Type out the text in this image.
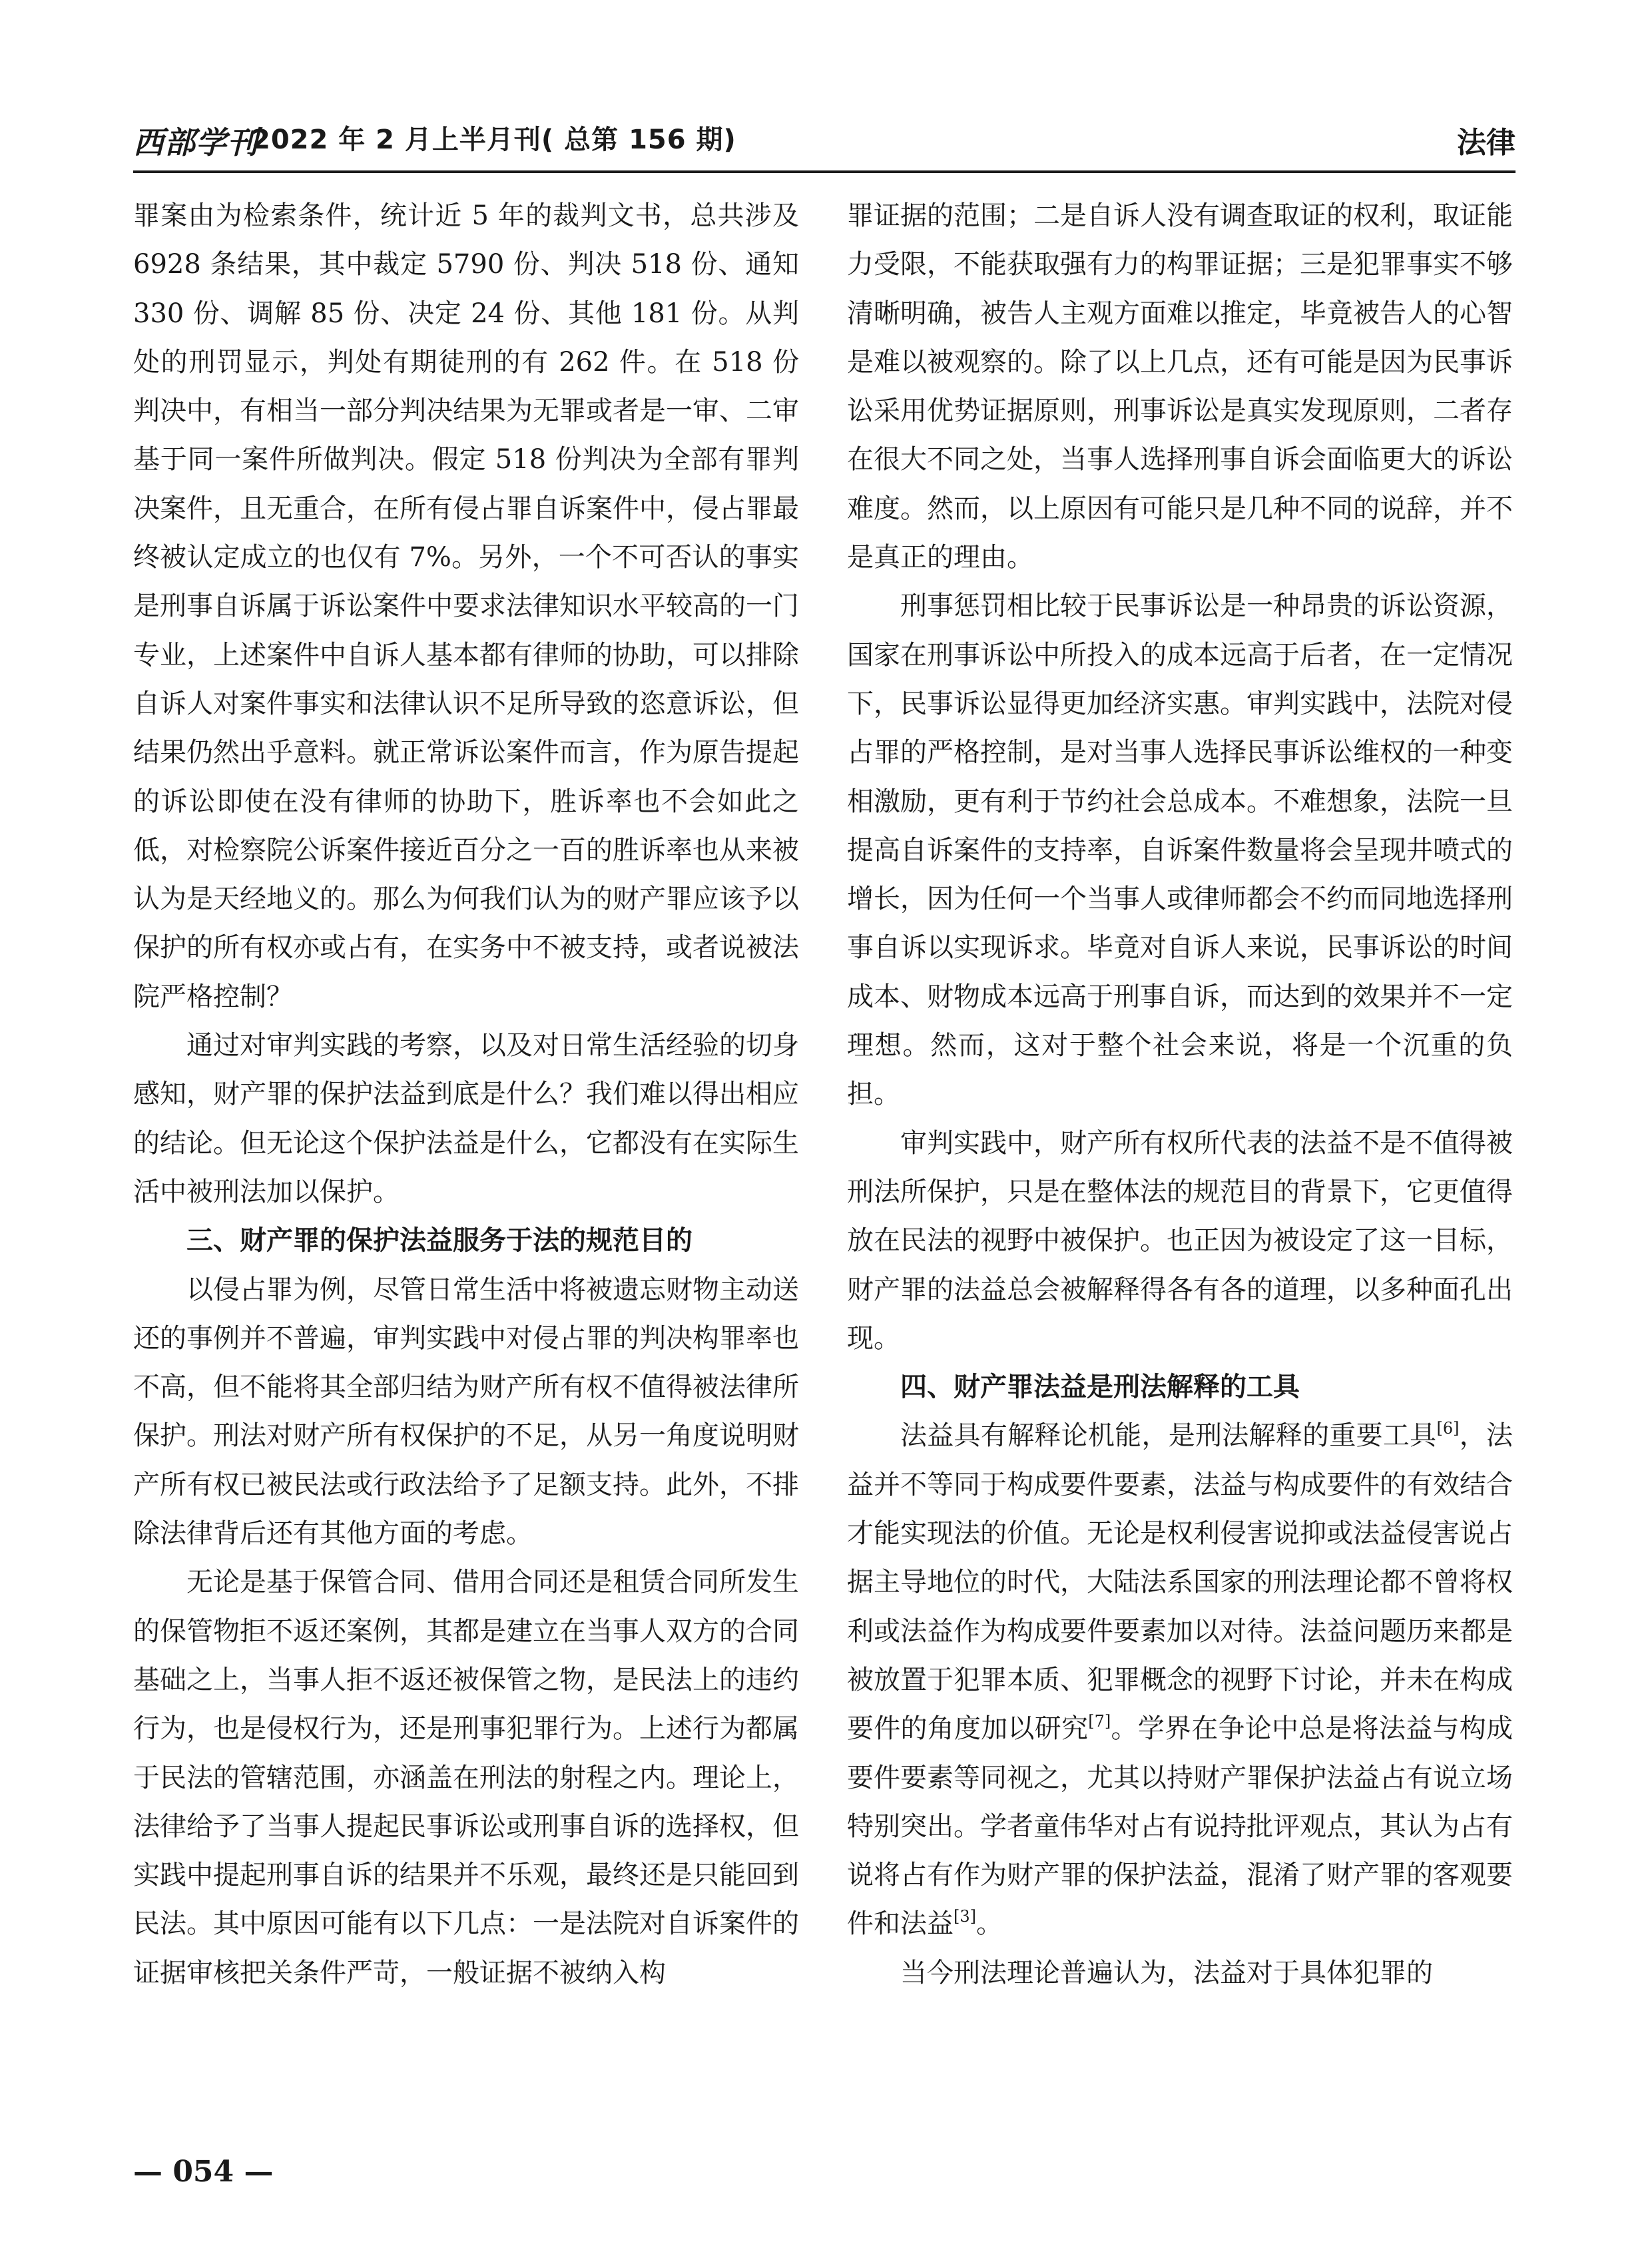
西部学刊
2022 年 2 月上半月刊( 总第 156 期)	法律

罪案由为检索条件，统计近 5 年的裁判文书，总共涉及 6928 条结果，其中裁定 5790 份、判决 518 份、通知 330 份、调解 85 份、决定 24 份、其他 181 份。从判处的刑罚显示，判处有期徒刑的有 262 件。在 518 份判决中，有相当一部分判决结果为无罪或者是一审、二审基于同一案件所做判决。假定 518 份判决为全部有罪判决案件，且无重合，在所有侵占罪自诉案件中，侵占罪最终被认定成立的也仅有 7%。另外，一个不可否认的事实是刑事自诉属于诉讼案件中要求法律知识水平较高的一门专业，上述案件中自诉人基本都有律师的协助，可以排除自诉人对案件事实和法律认识不足所导致的恣意诉讼，但结果仍然出乎意料。就正常诉讼案件而言，作为原告提起的诉讼即使在没有律师的协助下，胜诉率也不会如此之低，对检察院公诉案件接近百分之一百的胜诉率也从来被认为是天经地义的。那么为何我们认为的财产罪应该予以保护的所有权亦或占有，在实务中不被支持，或者说被法院严格控制？

通过对审判实践的考察，以及对日常生活经验的切身感知，财产罪的保护法益到底是什么？我们难以得出相应的结论。但无论这个保护法益是什么，它都没有在实际生活中被刑法加以保护。

三、财产罪的保护法益服务于法的规范目的

以侵占罪为例，尽管日常生活中将被遗忘财物主动送还的事例并不普遍，审判实践中对侵占罪的判决构罪率也不高，但不能将其全部归结为财产所有权不值得被法律所保护。刑法对财产所有权保护的不足，从另一角度说明财产所有权已被民法或行政法给予了足额支持。此外，不排除法律背后还有其他方面的考虑。

无论是基于保管合同、借用合同还是租赁合同所发生的保管物拒不返还案例，其都是建立在当事人双方的合同基础之上，当事人拒不返还被保管之物，是民法上的违约行为，也是侵权行为，还是刑事犯罪行为。上述行为都属于民法的管辖范围，亦涵盖在刑法的射程之内。理论上，法律给予了当事人提起民事诉讼或刑事自诉的选择权，但实践中提起刑事自诉的结果并不乐观，最终还是只能回到民法。其中原因可能有以下几点：一是法院对自诉案件的证据审核把关条件严苛，一般证据不被纳入构

罪证据的范围；二是自诉人没有调查取证的权利，取证能力受限，不能获取强有力的构罪证据；三是犯罪事实不够清晰明确，被告人主观方面难以推定，毕竟被告人的心智是难以被观察的。除了以上几点，还有可能是因为民事诉讼采用优势证据原则，刑事诉讼是真实发现原则，二者存在很大不同之处，当事人选择刑事自诉会面临更大的诉讼难度。然而，以上原因有可能只是几种不同的说辞，并不是真正的理由。

刑事惩罚相比较于民事诉讼是一种昂贵的诉讼资源，国家在刑事诉讼中所投入的成本远高于后者，在一定情况下，民事诉讼显得更加经济实惠。审判实践中，法院对侵占罪的严格控制，是对当事人选择民事诉讼维权的一种变相激励，更有利于节约社会总成本。不难想象，法院一旦提高自诉案件的支持率，自诉案件数量将会呈现井喷式的增长，因为任何一个当事人或律师都会不约而同地选择刑事自诉以实现诉求。毕竟对自诉人来说，民事诉讼的时间成本、财物成本远高于刑事自诉，而达到的效果并不一定理想。然而，这对于整个社会来说，将是一个沉重的负担。

审判实践中，财产所有权所代表的法益不是不值得被刑法所保护，只是在整体法的规范目的背景下，它更值得放在民法的视野中被保护。也正因为被设定了这一目标，财产罪的法益总会被解释得各有各的道理，以多种面孔出现。

四、财产罪法益是刑法解释的工具

法益具有解释论机能，是刑法解释的重要工具[6]，法益并不等同于构成要件要素，法益与构成要件的有效结合才能实现法的价值。无论是权利侵害说抑或法益侵害说占据主导地位的时代，大陆法系国家的刑法理论都不曾将权利或法益作为构成要件要素加以对待。法益问题历来都是被放置于犯罪本质、犯罪概念的视野下讨论，并未在构成要件的角度加以研究[7]。学界在争论中总是将法益与构成要件要素等同视之，尤其以持财产罪保护法益占有说立场特别突出。学者童伟华对占有说持批评观点，其认为占有说将占有作为财产罪的保护法益，混淆了财产罪的客观要件和法益[3]。

当今刑法理论普遍认为，法益对于具体犯罪的

— 054 —
